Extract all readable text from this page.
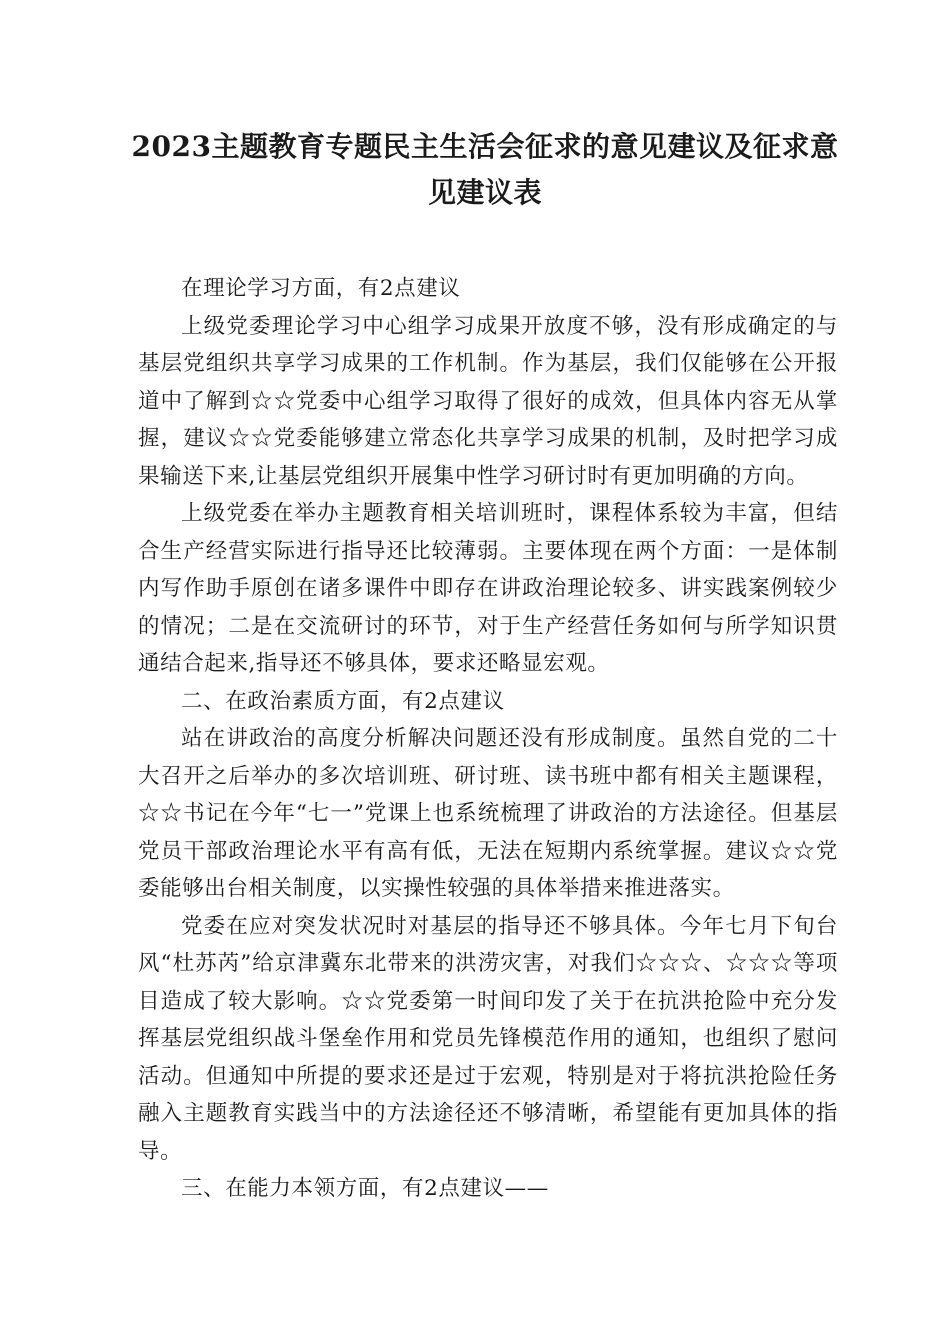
2023主题教育专题民主生活会征求的意见建议及征求意见建议表

在理论学习方面，有2点建议

上级党委理论学习中心组学习成果开放度不够，没有形成确定的与基层党组织共享学习成果的工作机制。作为基层，我们仅能够在公开报道中了解到☆☆党委中心组学习取得了很好的成效，但具体内容无从掌握，建议☆☆党委能够建立常态化共享学习成果的机制，及时把学习成果输送下来,让基层党组织开展集中性学习研讨时有更加明确的方向。

上级党委在举办主题教育相关培训班时，课程体系较为丰富，但结合生产经营实际进行指导还比较薄弱。主要体现在两个方面：一是体制内写作助手原创在诸多课件中即存在讲政治理论较多、讲实践案例较少的情况；二是在交流研讨的环节，对于生产经营任务如何与所学知识贯通结合起来,指导还不够具体，要求还略显宏观。

二、在政治素质方面，有2点建议

站在讲政治的高度分析解决问题还没有形成制度。虽然自党的二十大召开之后举办的多次培训班、研讨班、读书班中都有相关主题课程，☆☆书记在今年“七一”党课上也系统梳理了讲政治的方法途径。但基层党员干部政治理论水平有高有低，无法在短期内系统掌握。建议☆☆党委能够出台相关制度，以实操性较强的具体举措来推进落实。

党委在应对突发状况时对基层的指导还不够具体。今年七月下旬台风“杜苏芮”给京津冀东北带来的洪涝灾害，对我们☆☆☆、☆☆☆等项目造成了较大影响。☆☆党委第一时间印发了关于在抗洪抢险中充分发挥基层党组织战斗堡垒作用和党员先锋模范作用的通知，也组织了慰问活动。但通知中所提的要求还是过于宏观，特别是对于将抗洪抢险任务融入主题教育实践当中的方法途径还不够清晰，希望能有更加具体的指导。

三、在能力本领方面，有2点建议——
